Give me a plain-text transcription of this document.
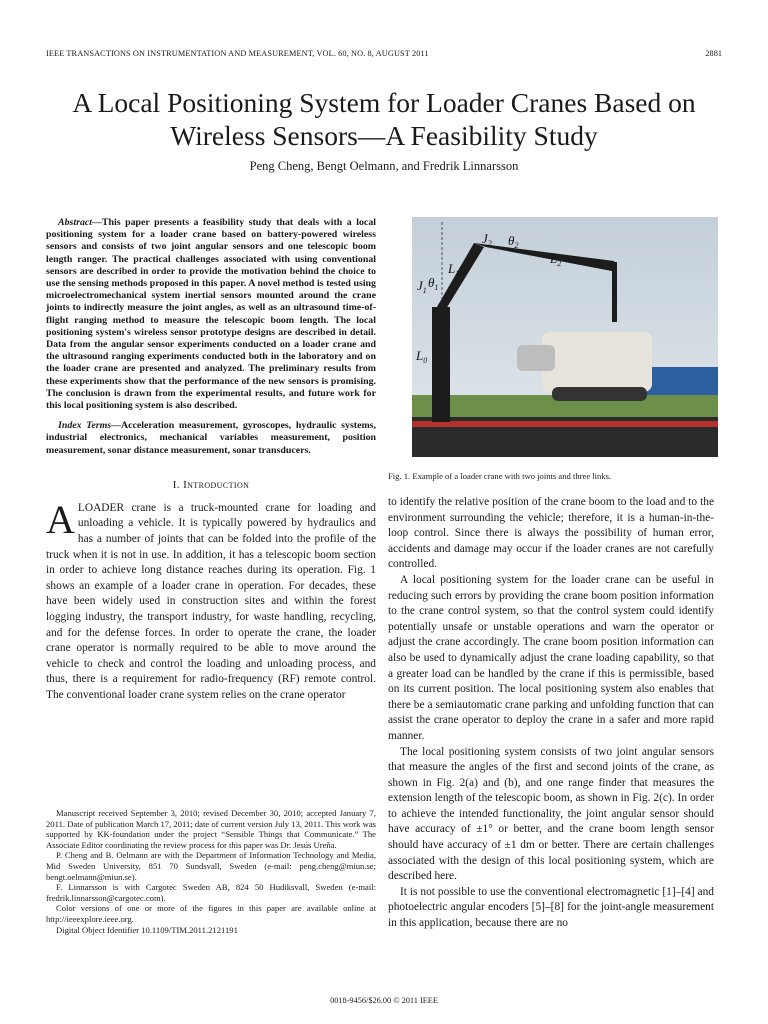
IEEE TRANSACTIONS ON INSTRUMENTATION AND MEASUREMENT, VOL. 60, NO. 8, AUGUST 2011	2881
A Local Positioning System for Loader Cranes Based on Wireless Sensors—A Feasibility Study
Peng Cheng, Bengt Oelmann, and Fredrik Linnarsson

Abstract—This paper presents a feasibility study that deals with a local positioning system for a loader crane based on battery-powered wireless sensors and consists of two joint angular sensors and one telescopic boom length ranger. The practical challenges associated with using conventional sensors are described in order to provide the motivation behind the choice to use the sensing methods proposed in this paper. A novel method is tested using microelectromechanical system inertial sensors mounted around the crane joints to indirectly measure the joint angles, as well as an ultrasound time-of-flight ranging method to measure the telescopic boom length. The local positioning system's wireless sensor prototype designs are described in detail. Data from the angular sensor experiments conducted on a loader crane and the ultrasound ranging experiments conducted both in the laboratory and on the loader crane are presented and analyzed. The preliminary results from these experiments show that the performance of the new sensors is promising. The conclusion is drawn from the experimental results, and future work for this local positioning system is also described.

Index Terms—Acceleration measurement, gyroscopes, hydraulic systems, industrial electronics, mechanical variables measurement, position measurement, sonar distance measurement, sonar transducers.

I. Introduction

ALOADER crane is a truck-mounted crane for loading and unloading a vehicle. It is typically powered by hydraulics and has a number of joints that can be folded into the profile of the truck when it is not in use. In addition, it has a telescopic boom section in order to achieve long distance reaches during its operation. Fig. 1 shows an example of a loader crane in operation. For decades, these have been widely used in construction sites and within the forest logging industry, the transport industry, for waste handling, recycling, and for the defense forces. In order to operate the crane, the loader crane operator is normally required to be able to move around the vehicle to check and control the loading and unloading process, and thus, there is a requirement for radio-frequency (RF) remote control. The conventional loader crane system relies on the crane operator

Manuscript received September 3, 2010; revised December 30, 2010; accepted January 7, 2011. Date of publication March 17, 2011; date of current version July 13, 2011. This work was supported by KK-foundation under the project “Sensible Things that Communicate.” The Associate Editor coordinating the review process for this paper was Dr. Jesús Ureña.

P. Cheng and B. Oelmann are with the Department of Information Technology and Media, Mid Sweden University, 851 70 Sundsvall, Sweden (e-mail: peng.cheng@miun.se; bengt.oelmann@miun.se).

F. Linnarsson is with Cargotec Sweden AB, 824 50 Hudiksvall, Sweden (e-mail: fredrik.linnarsson@cargotec.com).

Color versions of one or more of the figures in this paper are available online at http://ieeexplore.ieee.org.

Digital Object Identifier 10.1109/TIM.2011.2121191

$J_1$
$L_0$
$L_1$
$\theta_1$
$J_2$ $\theta_2$
$L_2$
Fig. 1. Example of a loader crane with two joints and three links.

to identify the relative position of the crane boom to the load and to the environment surrounding the vehicle; therefore, it is a human-in-the-loop control. Since there is always the possibility of human error, accidents and damage may occur if the loader cranes are not carefully controlled.

A local positioning system for the loader crane can be useful in reducing such errors by providing the crane boom position information to the crane control system, so that the control system could identify potentially unsafe or unstable operations and warn the operator or adjust the crane accordingly. The crane boom position information can also be used to dynamically adjust the crane loading capability, so that a greater load can be handled by the crane if this is permissible, based on its current position. The local positioning system also enables that there be a semiautomatic crane parking and unfolding function that can assist the crane operator to deploy the crane in a safer and more rapid manner.

The local positioning system consists of two joint angular sensors that measure the angles of the first and second joints of the crane, as shown in Fig. 2(a) and (b), and one range finder that measures the extension length of the telescopic boom, as shown in Fig. 2(c). In order to achieve the intended functionality, the joint angular sensor should have accuracy of ±1° or better, and the crane boom length sensor should have accuracy of ±1 dm or better. There are certain challenges associated with the design of this local positioning system, which are described here.

It is not possible to use the conventional electromagnetic [1]–[4] and photoelectric angular encoders [5]–[8] for the joint-angle measurement in this application, because there are no

0018-9456/$26.00 © 2011 IEEE
